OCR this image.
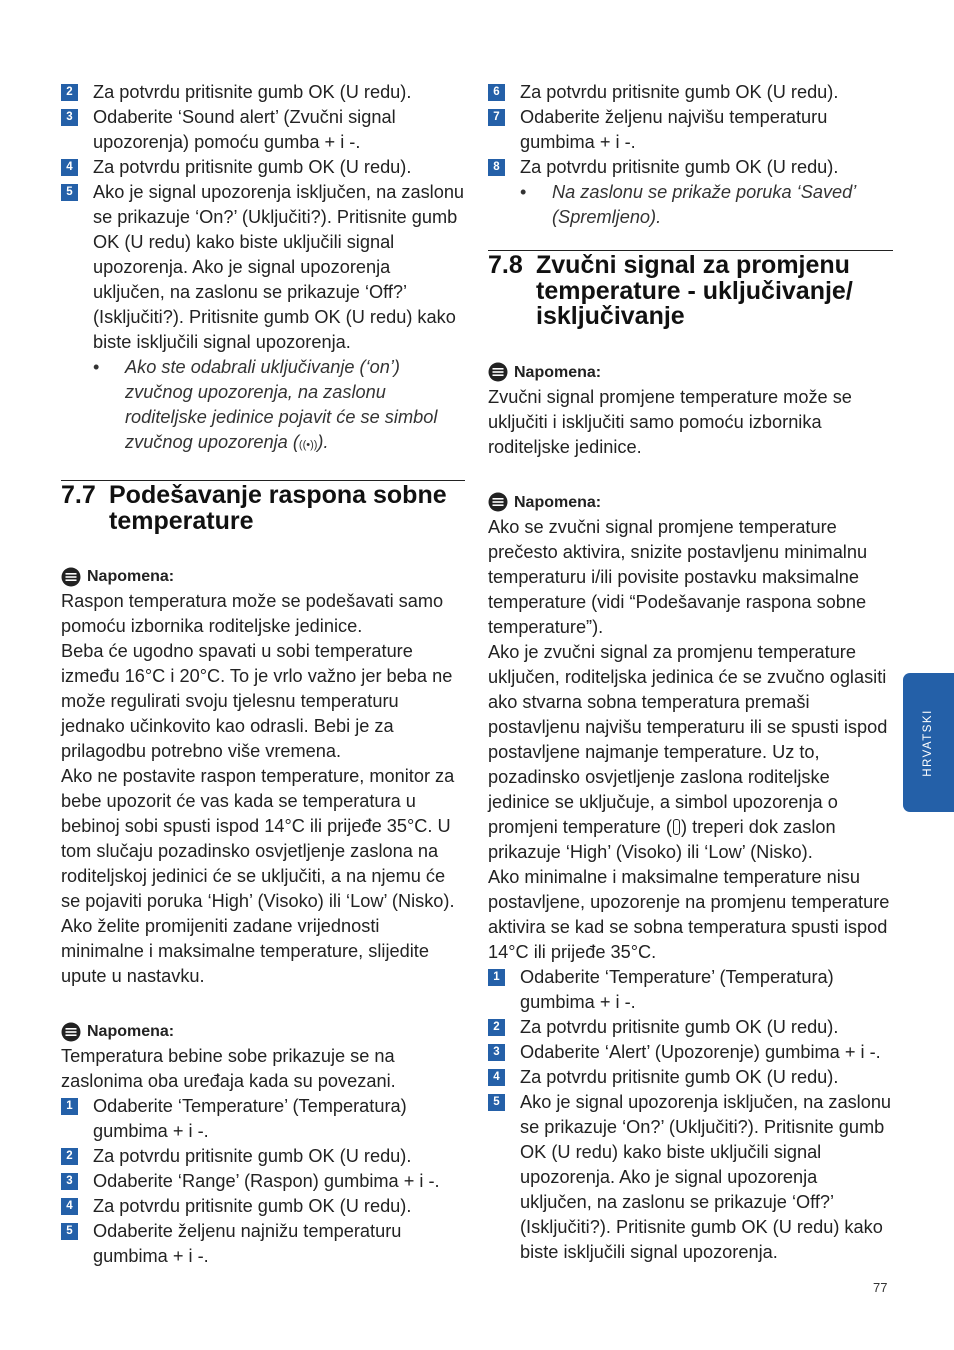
2 Za potvrdu pritisnite gumb OK (U redu).
3 Odaberite ‘Sound alert’ (Zvučni signal upozorenja) pomoću gumba + i -.
4 Za potvrdu pritisnite gumb OK (U redu).
5 Ako je signal upozorenja isključen, na zaslonu se prikazuje ‘On?’ (Uključiti?). Pritisnite gumb OK (U redu) kako biste uključili signal upozorenja. Ako je signal upozorenja uključen, na zaslonu se prikazuje ‘Off?’ (Isključiti?). Pritisnite gumb OK (U redu) kako biste isključili signal upozorenja.
• Ako ste odabrali uključivanje (‘on’) zvučnog upozorenja, na zaslonu roditeljske jedinice pojavit će se simbol zvučnog upozorenja (((•))).
7.7 Podešavanje raspona sobne temperature
Napomena:

Raspon temperatura može se podešavati samo pomoću izbornika roditeljske jedinice.

Beba će ugodno spavati u sobi temperature između 16°C i 20°C. To je vrlo važno jer beba ne može regulirati svoju tjelesnu temperaturu jednako učinkovito kao odrasli. Bebi je za prilagodbu potrebno više vremena.

Ako ne postavite raspon temperature, monitor za bebe upozorit će vas kada se temperatura u bebinoj sobi spusti ispod 14°C ili prijeđe 35°C. U tom slučaju pozadinsko osvjetljenje zaslona na roditeljskoj jedinici će se uključiti, a na njemu će se pojaviti poruka ‘High’ (Visoko) ili ‘Low’ (Nisko). Ako želite promijeniti zadane vrijednosti minimalne i maksimalne temperature, slijedite upute u nastavku.

Napomena:

Temperatura bebine sobe prikazuje se na zaslonima oba uređaja kada su povezani.

1 Odaberite ‘Temperature’ (Temperatura) gumbima + i -.
2 Za potvrdu pritisnite gumb OK (U redu).
3 Odaberite ‘Range’ (Raspon) gumbima + i -.
4 Za potvrdu pritisnite gumb OK (U redu).
5 Odaberite željenu najnižu temperaturu gumbima + i -.
6 Za potvrdu pritisnite gumb OK (U redu).
7 Odaberite željenu najvišu temperaturu gumbima + i -.
8 Za potvrdu pritisnite gumb OK (U redu).
• Na zaslonu se prikaže poruka ‘Saved’ (Spremljeno).
7.8 Zvučni signal za promjenu temperature - uključivanje/ isključivanje
Napomena:

Zvučni signal promjene temperature može se uključiti i isključiti samo pomoću izbornika roditeljske jedinice.

Napomena:

Ako se zvučni signal promjene temperature prečesto aktivira, snizite postavljenu minimalnu temperaturu i/ili povisite postavku maksimalne temperature (vidi “Podešavanje raspona sobne temperature”).

Ako je zvučni signal za promjenu temperature uključen, roditeljska jedinica će se zvučno oglasiti ako stvarna sobna temperatura premaši postavljenu najvišu temperaturu ili se spusti ispod postavljene najmanje temperature. Uz to, pozadinsko osvjetljenje zaslona roditeljske jedinice se uključuje, a simbol upozorenja o promjeni temperature ( ) treperi dok zaslon prikazuje ‘High’ (Visoko) ili ‘Low’ (Nisko).

Ako minimalne i maksimalne temperature nisu postavljene, upozorenje na promjenu temperature aktivira se kad se sobna temperatura spusti ispod 14°C ili prijeđe 35°C.

1 Odaberite ‘Temperature’ (Temperatura) gumbima + i -.
2 Za potvrdu pritisnite gumb OK (U redu).
3 Odaberite ‘Alert’ (Upozorenje) gumbima + i -.
4 Za potvrdu pritisnite gumb OK (U redu).
5 Ako je signal upozorenja isključen, na zaslonu se prikazuje ‘On?’ (Uključiti?). Pritisnite gumb OK (U redu) kako biste uključili signal upozorenja. Ako je signal upozorenja uključen, na zaslonu se prikazuje ‘Off?’ (Isključiti?). Pritisnite gumb OK (U redu) kako biste isključili signal upozorenja.
HRVATSKI
77
